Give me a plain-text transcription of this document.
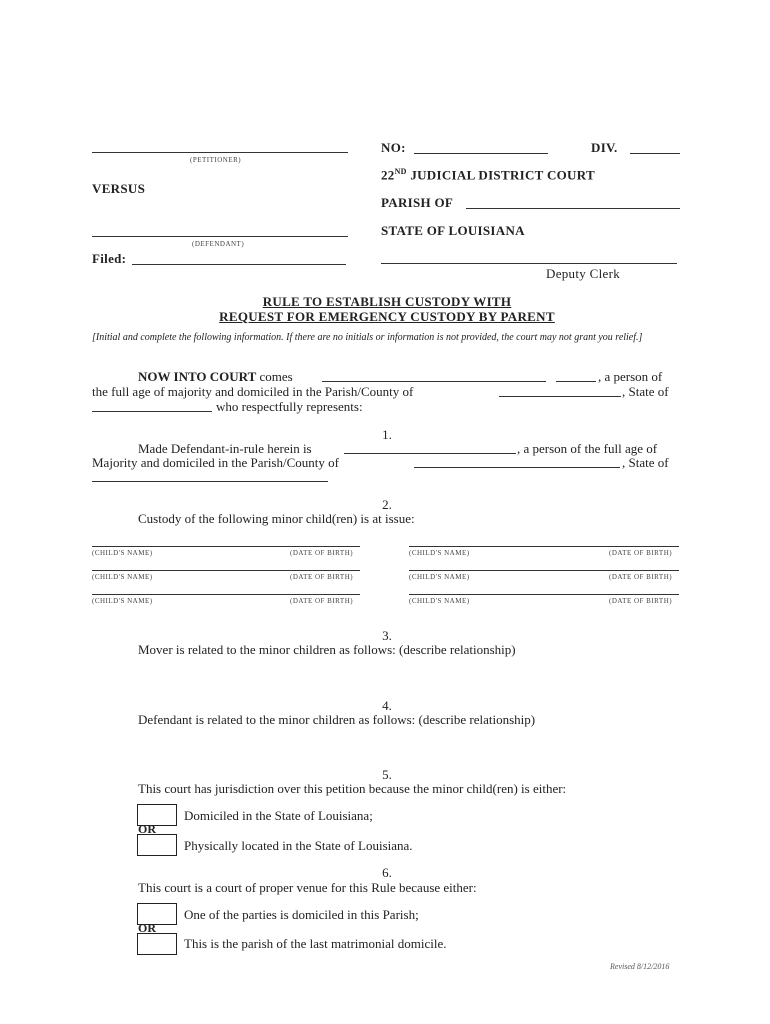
(PETITIONER)
VERSUS
(DEFENDANT)
Filed:
NO:	DIV.
22ND JUDICIAL DISTRICT COURT
PARISH OF
STATE OF LOUISIANA
Deputy Clerk
RULE TO ESTABLISH CUSTODY WITH
REQUEST FOR EMERGENCY CUSTODY BY PARENT
[Initial and complete the following information. If there are no initials or information is not provided, the court may not grant you relief.]
NOW INTO COURT comes	, a person of
the full age of majority and domiciled in the Parish/County of	, State of
who respectfully represents:
1.
Made Defendant-in-rule herein is	, a person of the full age of
Majority and domiciled in the Parish/County of	, State of
2.
Custody of the following minor child(ren) is at issue:
(CHILD'S NAME)	(DATE OF BIRTH)	(CHILD'S NAME)	(DATE OF BIRTH)
(CHILD'S NAME)	(DATE OF BIRTH)	(CHILD'S NAME)	(DATE OF BIRTH)
(CHILD'S NAME)	(DATE OF BIRTH)	(CHILD'S NAME)	(DATE OF BIRTH)
3.
Mover is related to the minor children as follows: (describe relationship)
4.
Defendant is related to the minor children as follows: (describe relationship)
5.
This court has jurisdiction over this petition because the minor child(ren) is either:
Domiciled in the State of Louisiana;
OR
Physically located in the State of Louisiana.
6.
This court is a court of proper venue for this Rule because either:
One of the parties is domiciled in this Parish;
OR
This is the parish of the last matrimonial domicile.
Revised 8/12/2016
